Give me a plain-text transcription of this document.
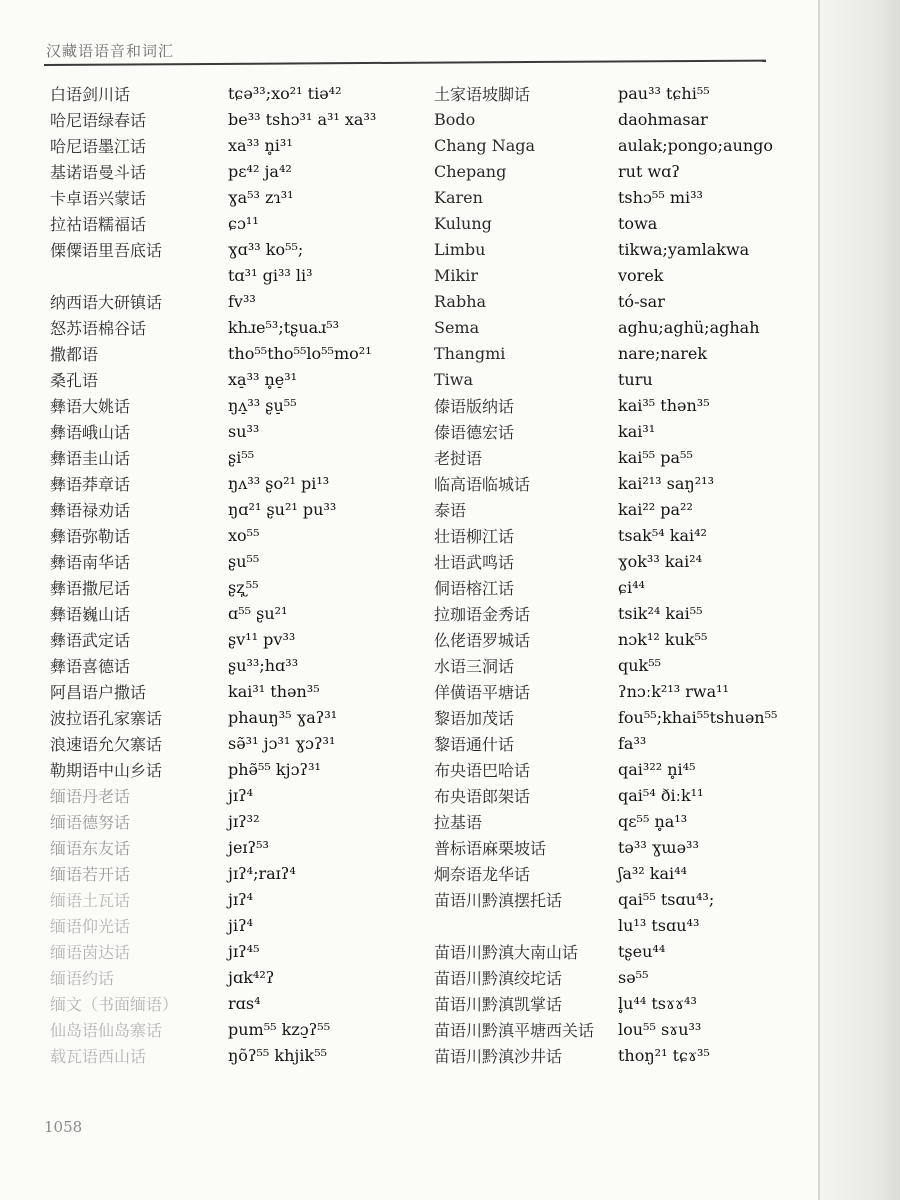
汉藏语语音和词汇
白语剑川话	tɕə³³;xo²¹ tiə⁴²
哈尼语绿春话	be³³ tshɔ³¹ a³¹ xa³³
哈尼语墨江话	xa³³ n̥i³¹
基诺语曼斗话	pɛ⁴² ja⁴²
卡卓语兴蒙话	ɣa⁵³ zɿ³¹
拉祜语糯福话	ɕɔ¹¹
傈僳语里吾底话	ɣɑ³³ ko⁵⁵;
tɑ³¹ gi³³ li³
纳西语大研镇话	fv³³
怒苏语棉谷话	khɹe⁵³;tʂuaɹ⁵³
撒都语	tho⁵⁵tho⁵⁵lo⁵⁵mo²¹
桑孔语	xa̠³³ n̥e̠³¹
彝语大姚话	ŋʌ̠³³ ʂu̠⁵⁵
彝语峨山话	su³³
彝语圭山话	ʂi⁵⁵
彝语莽章话	ŋʌ³³ ʂo²¹ pi¹³
彝语禄劝话	ŋɑ²¹ ʂu²¹ pu³³
彝语弥勒话	xo⁵⁵
彝语南华话	ʂu⁵⁵
彝语撒尼话	ʂʐ̩⁵⁵
彝语巍山话	ɑ⁵⁵ ʂu²¹
彝语武定话	ʂv¹¹ pv³³
彝语喜德话	ʂu³³;hɑ³³
阿昌语户撒话	kai³¹ thən³⁵
波拉语孔家寨话	phauŋ³⁵ ɣaʔ³¹
浪速语允欠寨话	sə̃³¹ jɔ³¹ ɣɔʔ³¹
勒期语中山乡话	phə̃⁵⁵ kjɔʔ³¹
缅语丹老话	jɪʔ⁴
缅语德努话	jɪʔ³²
缅语东友话	jeɪʔ⁵³
缅语若开话	jɪʔ⁴;raɪʔ⁴
缅语土瓦话	jɪʔ⁴
缅语仰光话	jiʔ⁴
缅语茵达话	jɪʔ⁴⁵
缅语约话	jɑk⁴²ʔ
缅文（书面缅语）	rɑs⁴
仙岛语仙岛寨话	pum⁵⁵ kzɔ̠ʔ⁵⁵
载瓦语西山话	ŋõʔ⁵⁵ khjik⁵⁵
土家语坡脚话	pau³³ tɕhi⁵⁵
Bodo	daohmasar
Chang Naga	aulak;pongo;aungo
Chepang	rut wɑʔ
Karen	tshɔ⁵⁵ mi³³
Kulung	towa
Limbu	tikwa;yamlakwa
Mikir	vorek
Rabha	tó-sar
Sema	aghu;aghü;aghah
Thangmi	nare;narek
Tiwa	turu
傣语版纳话	kai³⁵ thən³⁵
傣语德宏话	kai³¹
老挝语	kai⁵⁵ pa⁵⁵
临高语临城话	kai²¹³ saŋ²¹³
泰语	kai²² pa²²
壮语柳江话	tsak⁵⁴ kai⁴²
壮语武鸣话	ɣok³³ kai²⁴
侗语榕江话	ɕi⁴⁴
拉珈语金秀话	tsik²⁴ kai⁵⁵
仫佬语罗城话	nɔk¹² kuk⁵⁵
水语三洞话	quk⁵⁵
佯僙语平塘话	ʔnɔːk²¹³ rwa¹¹
黎语加茂话	fou⁵⁵;khai⁵⁵tshuən⁵⁵
黎语通什话	fa³³
布央语巴哈话	qai³²² n̥i⁴⁵
布央语郎架话	qai⁵⁴ ðiːk¹¹
拉基语	qɛ⁵⁵ n̥a¹³
普标语麻栗坡话	tə³³ ɣɯə³³
炯奈语龙华话	ʃa³² kai⁴⁴
苗语川黔滇摆托话	qai⁵⁵ tsɑu⁴³;
lu¹³ tsɑu⁴³
苗语川黔滇大南山话	tʂeu⁴⁴
苗语川黔滇绞坨话	sə⁵⁵
苗语川黔滇凯掌话	l̥u⁴⁴ tsɤɤ⁴³
苗语川黔滇平塘西关话	lou⁵⁵ sɤu³³
苗语川黔滇沙井话	thoŋ²¹ tɕɤ³⁵
1058
